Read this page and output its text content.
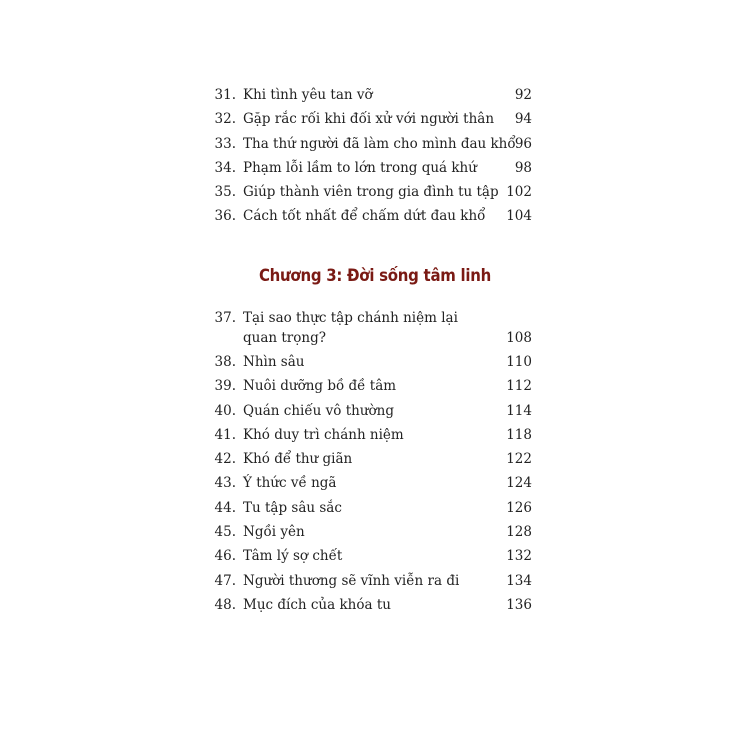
31. Khi tình yêu tan vỡ	92
32. Gặp rắc rối khi đối xử với người thân 94
33. Tha thứ người đã làm cho mình đau khổ 96
34. Phạm lỗi lầm to lớn trong quá khứ	98
35. Giúp thành viên trong gia đình tu tập 102
36. Cách tốt nhất để chấm dứt đau khổ 104
Chương 3: Đời sống tâm linh
37. Tại sao thực tập chánh niệm lại quan trọng?	108
38. Nhìn sâu	110
39. Nuôi dưỡng bồ đề tâm	112
40. Quán chiếu vô thường	114
41. Khó duy trì chánh niệm	118
42. Khó để thư giãn	122
43. Ý thức về ngã	124
44. Tu tập sâu sắc	126
45. Ngồi yên	128
46. Tâm lý sợ chết	132
47. Người thương sẽ vĩnh viễn ra đi	134
48. Mục đích của khóa tu	136
